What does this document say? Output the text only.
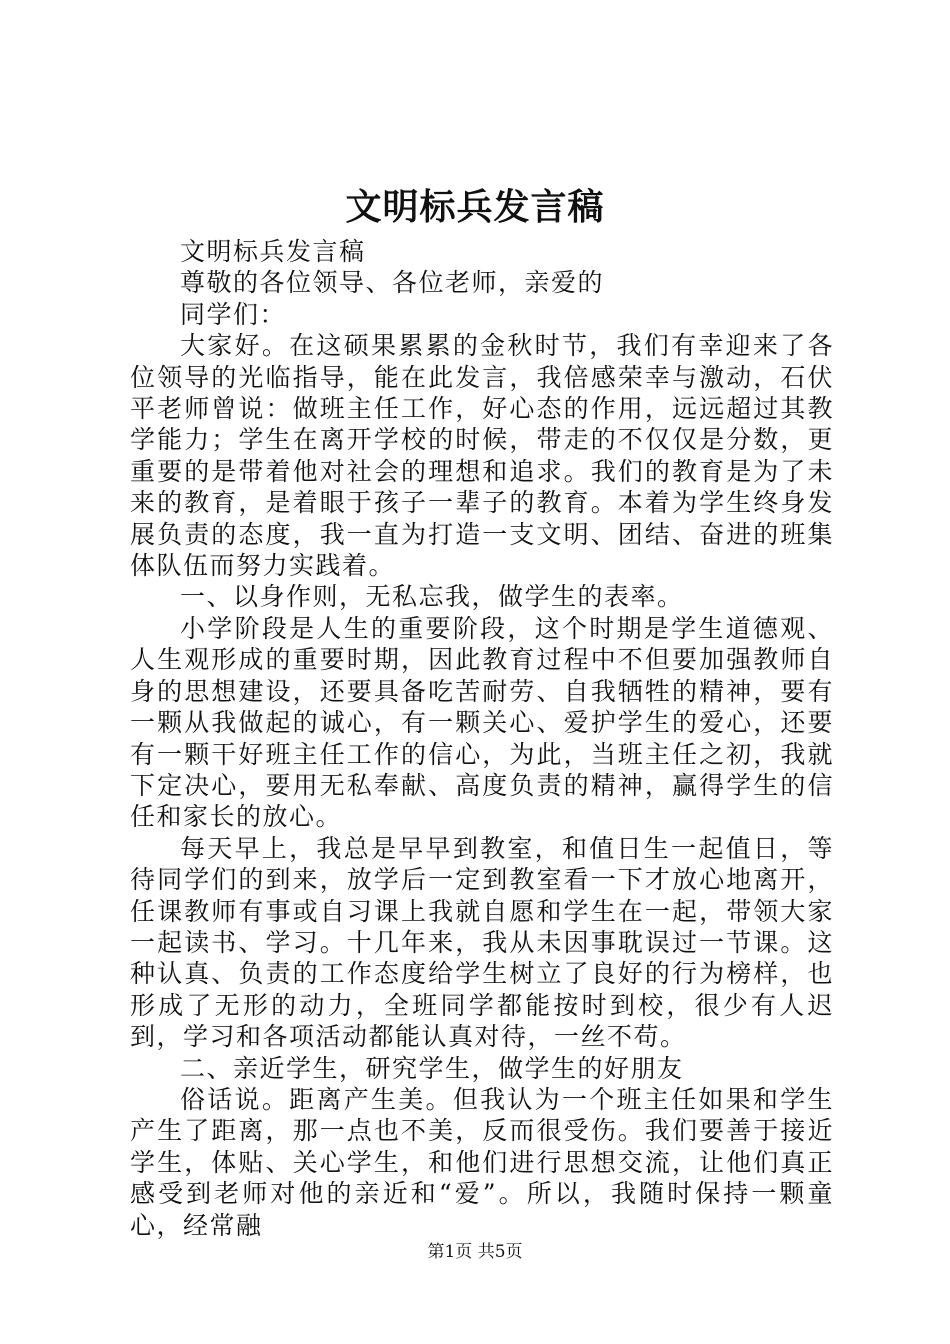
文明标兵发言稿

文明标兵发言稿

尊敬的各位领导、各位老师，亲爱的

同学们：

大家好。在这硕果累累的金秋时节，我们有幸迎来了各位领导的光临指导，能在此发言，我倍感荣幸与激动，石伏平老师曾说：做班主任工作，好心态的作用，远远超过其教学能力；学生在离开学校的时候，带走的不仅仅是分数，更重要的是带着他对社会的理想和追求。我们的教育是为了未来的教育，是着眼于孩子一辈子的教育。本着为学生终身发展负责的态度，我一直为打造一支文明、团结、奋进的班集体队伍而努力实践着。

一、以身作则，无私忘我，做学生的表率。

小学阶段是人生的重要阶段，这个时期是学生道德观、人生观形成的重要时期，因此教育过程中不但要加强教师自身的思想建设，还要具备吃苦耐劳、自我牺牲的精神，要有一颗从我做起的诚心，有一颗关心、爱护学生的爱心，还要有一颗干好班主任工作的信心，为此，当班主任之初，我就下定决心，要用无私奉献、高度负责的精神，赢得学生的信任和家长的放心。

每天早上，我总是早早到教室，和值日生一起值日，等待同学们的到来，放学后一定到教室看一下才放心地离开，任课教师有事或自习课上我就自愿和学生在一起，带领大家一起读书、学习。十几年来，我从未因事耽误过一节课。这种认真、负责的工作态度给学生树立了良好的行为榜样，也形成了无形的动力，全班同学都能按时到校，很少有人迟到，学习和各项活动都能认真对待，一丝不苟。

二、亲近学生，研究学生，做学生的好朋友

俗话说。距离产生美。但我认为一个班主任如果和学生产生了距离，那一点也不美，反而很受伤。我们要善于接近学生，体贴、关心学生，和他们进行思想交流，让他们真正感受到老师对他的亲近和“爱”。所以，我随时保持一颗童心，经常融

第1页 共5页
